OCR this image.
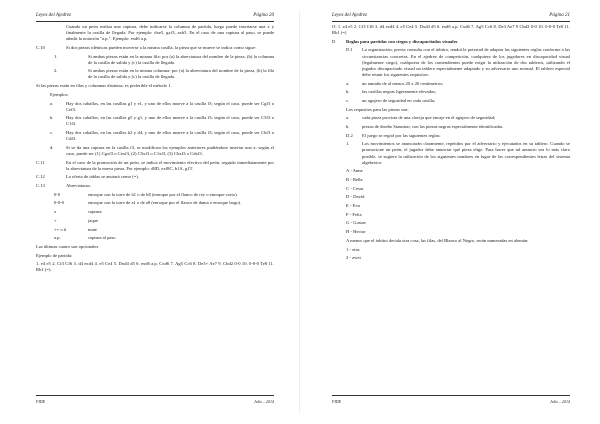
Leyes del Ajedrez	Página 20
Cuando un peón realiza una captura, debe indicarse la columna de partida, luego puede insertarse una x y finalmente la casilla de llegada. Por ejemplo: dxe5, gxf3, axb5. En el caso de una captura al paso, se puede añadir la notación "a.p.". Ejemplo: exd6 a.p.
C.10	Si dos piezas idénticas pueden moverse a la misma casilla, la pieza que se mueve se indica como sigue:
1.	Si ambas piezas están en la misma fila: por (a) la abreviatura del nombre de la pieza, (b) la columna de la casilla de salida y (c) la casilla de llegada.
2.	Si ambas piezas están en la misma columna: por (a) la abreviatura del nombre de la pieza, (b) la fila de la casilla de salida y (c) la casilla de llegada.
Si las piezas están en filas y columnas distintas, es preferible el método 1.
Ejemplos:
a.	Hay dos caballos, en las casillas g1 y e1, y uno de ellos mueve a la casilla f3; según el caso, puede ser Cgf3 o Cef3.
b.	Hay dos caballos, en las casillas g5 y g1, y uno de ellos mueve a la casilla f3; según el caso, puede ser C5f3 o C1f3.
c.	Hay dos caballos, en las casillas h2 y d4, y uno de ellos mueve a la casilla f3; según el caso, puede ser Chf3 o Cdf3.
d.	Si se da una captura en la casilla f3, se modifican los ejemplos anteriores pudiéndose insertar una x: según el caso, puede ser (1) Cgxf3 o Cexf3, (2) C5xf3 o C1xf3, (3) Chxf3 o Cdxf3.
C.11	En el caso de la promoción de un peón, se indica el movimiento efectivo del peón, seguido inmediatamente por la abreviatura de la nueva pieza. Por ejemplo: d8D, exf8C, b1A, g1T.
C.12	La oferta de tablas se anotará como (=).
C.13	Abreviaturas:
0-0	enroque con la torre de h1 o de h8 (enroque por el flanco de rey o enroque corto).
0-0-0	enroque con la torre de a1 o de a8 (enroque por el flanco de dama o enroque largo).
x	captura
+	jaque
++ o #	mate
a.p.	captura al paso
Las últimas cuatro son opcionales
Ejemplo de partida:
1. e4 e5 2. Cf3 Cf6 3. d4 exd4 4. e5 Ce4 5. Dxd4 d5 6. exd6 a.p. Cxd6 7. Ag5 Cc6 8. De3+ Ae7 9. Cbd2 0-0 10. 0-0-0 Te8 11. Rb1 (=).
FIDE	Julio – 2014
Leyes del Ajedrez	Página 21
O: 1. e4 e5 2. Cf3 Cf6 3. d4 exd4 4. e5 Ce4 5. Dxd4 d5 6. exd6 a.p. Cxd6 7. Ag5 Cc6 8. De3 Ae7 9 Cbd2 0-0 10. 0-0-0 Te8 11. Rb1 (=)
D Reglas para partidas con ciegos y discapacitados visuales
D.1 La organización, previa consulta con el árbitro, tendrá la potestad de adaptar las siguientes reglas conforme a las circunstancias concretas. En el ajedrez de competición, cualquiera de los jugadores en discapacidad visual (legalmente ciego), cualquiera de los contendientes puede exigir la utilización de dos tableros, utilizando el jugador discapacitado visual un tablero especialmente adaptado y su adversario uno normal. El tablero especial debe reunir los siguientes requisitos:
a.	un tamaño de al menos 20 x 20 centímetros;
b.	las casillas negras ligeramente elevadas;
c.	un agujero de seguridad en cada casilla;
Los requisitos para las piezas son:
a.	cada pieza provista de una clavija que encaje en el agujero de seguridad;
b.	piezas de diseño Staunton, con las piezas negras especialmente identificadas.
D.2 El juego se regirá por las siguientes reglas:
1.	Los movimientos se anunciarán claramente, repetidos por el adversario y ejecutados en su tablero. Cuando se promocione un peón, el jugador debe anunciar qué pieza elige. Para hacer que tal anuncio sea lo más claro posible, se sugiere la utilización de los siguientes nombres en lugar de las correspondientes letras del sistema algebraico:
A - Anna
B - Bella
C - Cesar
D - David
E - Eva
F - Felix
G - Gustav
H - Hector
A menos que el árbitro decida otra cosa, las filas, del Blanco al Negro, serán numeradas en alemán:
1 - eins
2 - zwei
FIDE	Julio – 2014
